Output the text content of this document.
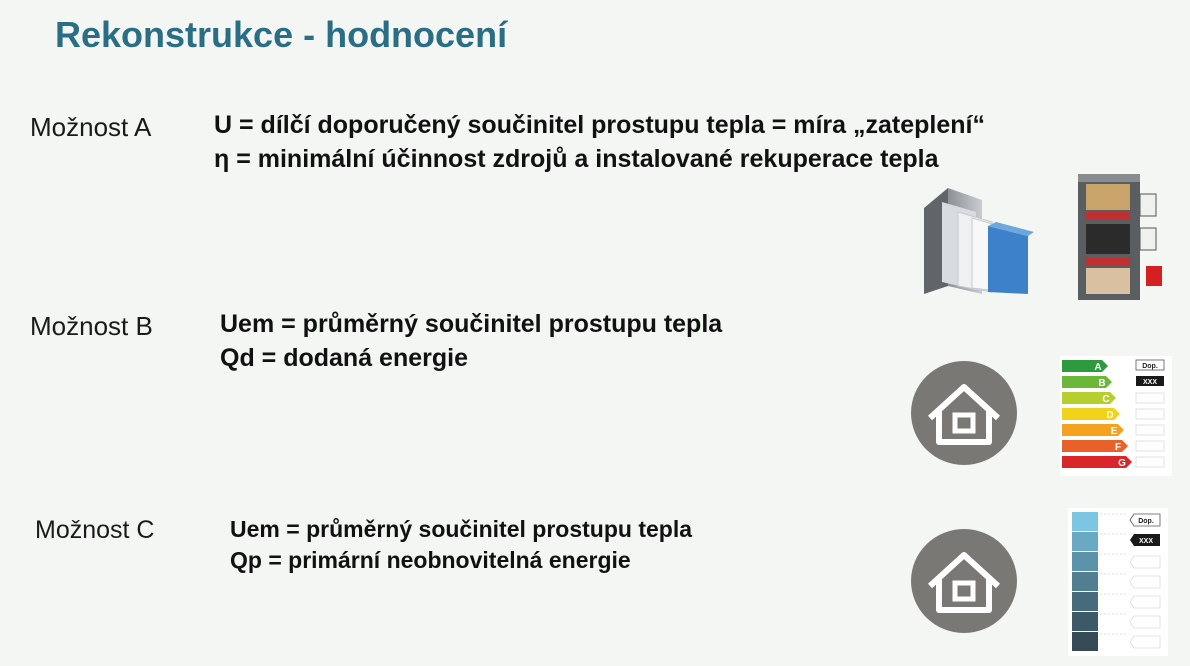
Rekonstrukce - hodnocení
Možnost A	U = dílčí doporučený součinitel prostupu tepla = míra „zateplení“
η = minimální účinnost zdrojů a instalované rekuperace tepla
Možnost B	Uem = průměrný součinitel prostupu tepla
Qd = dodaná energie
Možnost C	Uem = průměrný součinitel prostupu tepla
Qp = primární neobnovitelná energie
A
B
C
D
E
F
G
Dop.
XXX
Dop.
XXX
